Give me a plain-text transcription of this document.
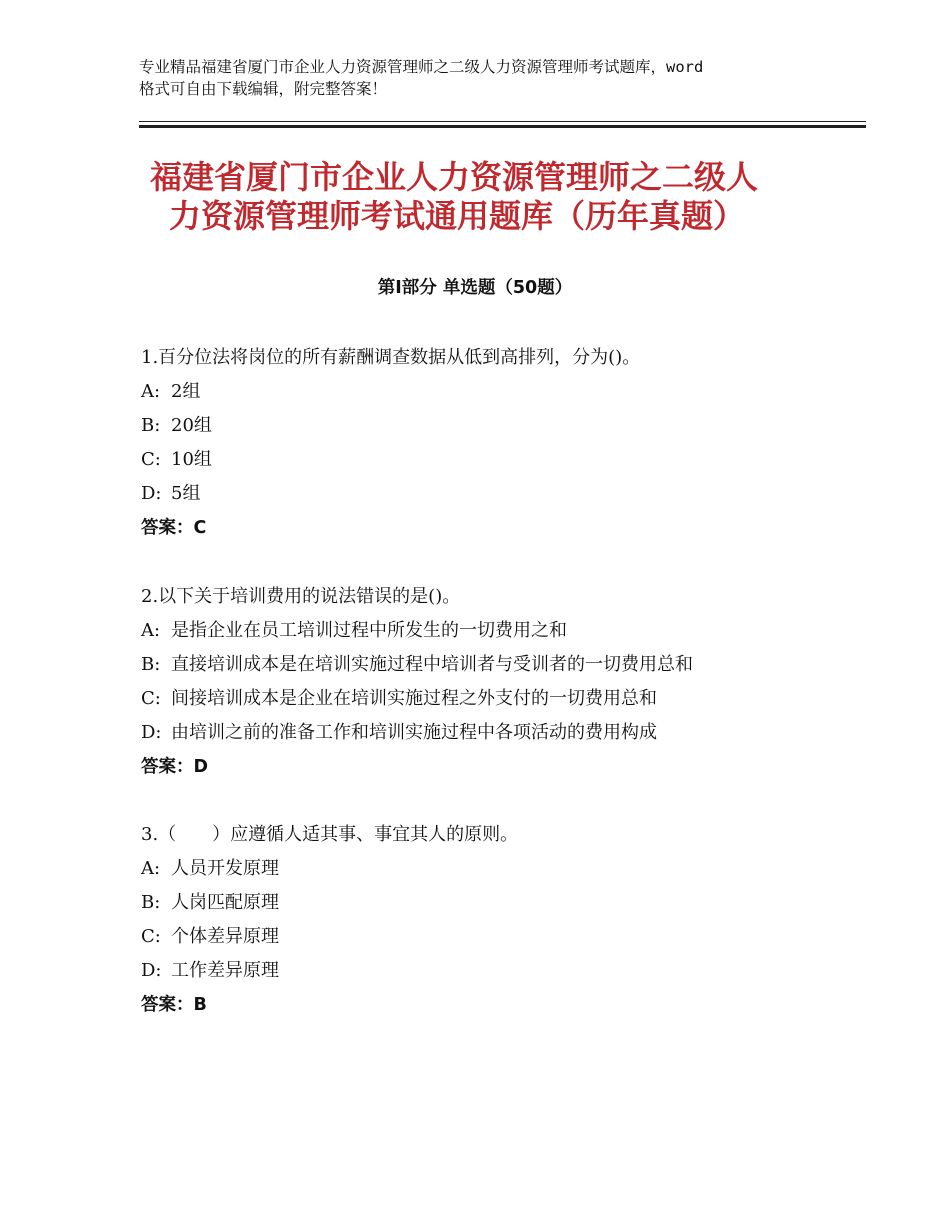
专业精品福建省厦门市企业人力资源管理师之二级人力资源管理师考试题库，word
格式可自由下载编辑，附完整答案！
福建省厦门市企业人力资源管理师之二级人
力资源管理师考试通用题库（历年真题）
第Ⅰ部分 单选题（50题）
1.百分位法将岗位的所有薪酬调查数据从低到高排列，分为()。
A: 2组
B: 20组
C: 10组
D: 5组
答案：C
2.以下关于培训费用的说法错误的是()。
A: 是指企业在员工培训过程中所发生的一切费用之和
B: 直接培训成本是在培训实施过程中培训者与受训者的一切费用总和
C: 间接培训成本是企业在培训实施过程之外支付的一切费用总和
D: 由培训之前的准备工作和培训实施过程中各项活动的费用构成
答案：D
3.（　　）应遵循人适其事、事宜其人的原则。
A: 人员开发原理
B: 人岗匹配原理
C: 个体差异原理
D: 工作差异原理
答案：B
